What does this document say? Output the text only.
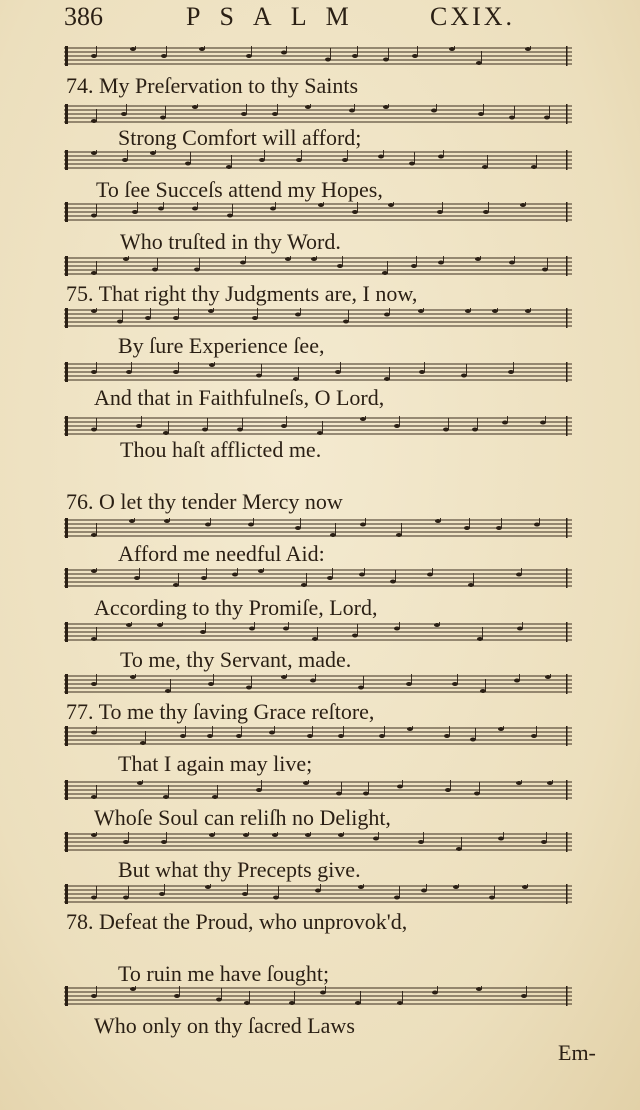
386	PSALM CXIX.
74. My Preſervation to thy Saints
Strong Comfort will afford;
To ſee Succeſs attend my Hopes,
Who truſted in thy Word.
75. That right thy Judgments are, I now,
By ſure Experience ſee,
And that in Faithfulneſs, O Lord,
Thou haſt afflicted me.
76. O let thy tender Mercy now
Afford me needful Aid:
According to thy Promiſe, Lord,
To me, thy Servant, made.
77. To me thy ſaving Grace reſtore,
That I again may live;
Whoſe Soul can reliſh no Delight,
But what thy Precepts give.
78. Defeat the Proud, who unprovok'd,
To ruin me have ſought;
Who only on thy ſacred Laws
Em-
